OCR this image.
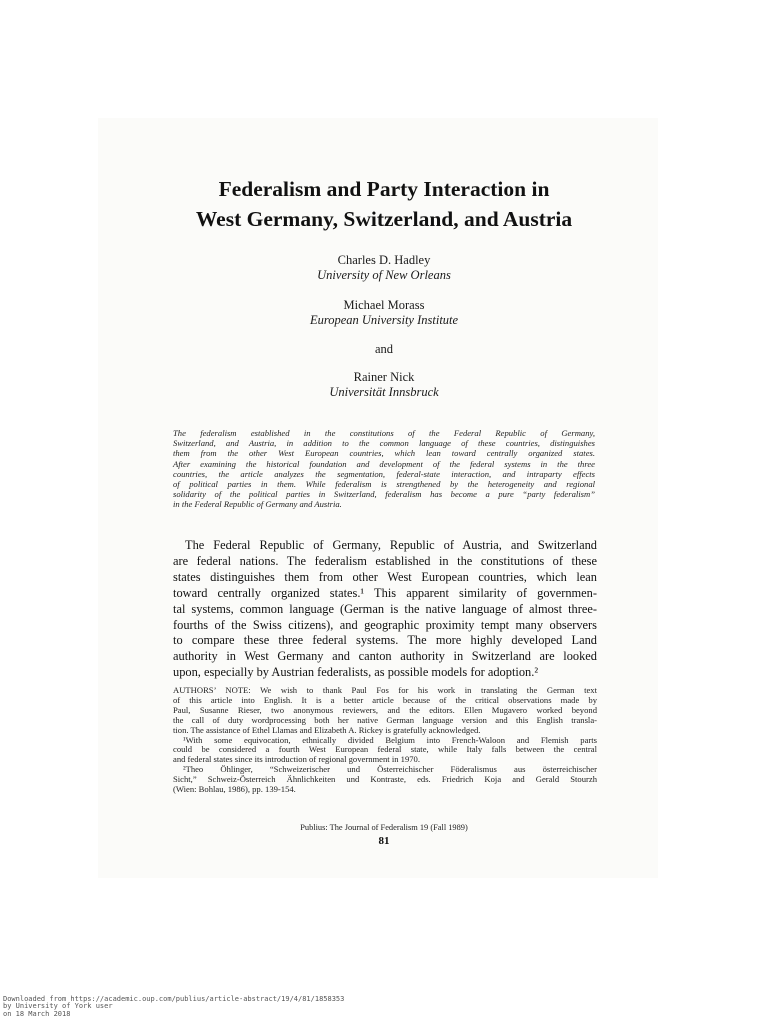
Federalism and Party Interaction in
West Germany, Switzerland, and Austria
Charles D. Hadley
University of New Orleans
Michael Morass
European University Institute
and
Rainer Nick
Universität Innsbruck
The federalism established in the constitutions of the Federal Republic of Germany,
Switzerland, and Austria, in addition to the common language of these countries, distinguishes
them from the other West European countries, which lean toward centrally organized states.
After examining the historical foundation and development of the federal systems in the three
countries, the article analyzes the segmentation, federal-state interaction, and intraparty effects
of political parties in them. While federalism is strengthened by the heterogeneity and regional
solidarity of the political parties in Switzerland, federalism has become a pure “party federalism”
in the Federal Republic of Germany and Austria.
The Federal Republic of Germany, Republic of Austria, and Switzerland
are federal nations. The federalism established in the constitutions of these
states distinguishes them from other West European countries, which lean
toward centrally organized states.¹ This apparent similarity of governmen-
tal systems, common language (German is the native language of almost three-
fourths of the Swiss citizens), and geographic proximity tempt many observers
to compare these three federal systems. The more highly developed Land
authority in West Germany and canton authority in Switzerland are looked
upon, especially by Austrian federalists, as possible models for adoption.²
AUTHORS’ NOTE: We wish to thank Paul Fos for his work in translating the German text
of this article into English. It is a better article because of the critical observations made by
Paul, Susanne Rieser, two anonymous reviewers, and the editors. Ellen Mugavero worked beyond
the call of duty wordprocessing both her native German language version and this English transla-
tion. The assistance of Ethel Llamas and Elizabeth A. Rickey is gratefully acknowledged.
¹With some equivocation, ethnically divided Belgium into French-Waloon and Flemish parts
could be considered a fourth West European federal state, while Italy falls between the central
and federal states since its introduction of regional government in 1970.
²Theo Öhlinger, “Schweizerischer und Österreichischer Föderalismus aus österreichischer
Sicht,” Schweiz-Österreich Ähnlichkeiten und Kontraste, eds. Friedrich Koja and Gerald Stourzh
(Wien: Bohlau, 1986), pp. 139-154.
Publius: The Journal of Federalism 19 (Fall 1989)
81
Downloaded from https://academic.oup.com/publius/article-abstract/19/4/81/1858353
by University of York user
on 18 March 2018
